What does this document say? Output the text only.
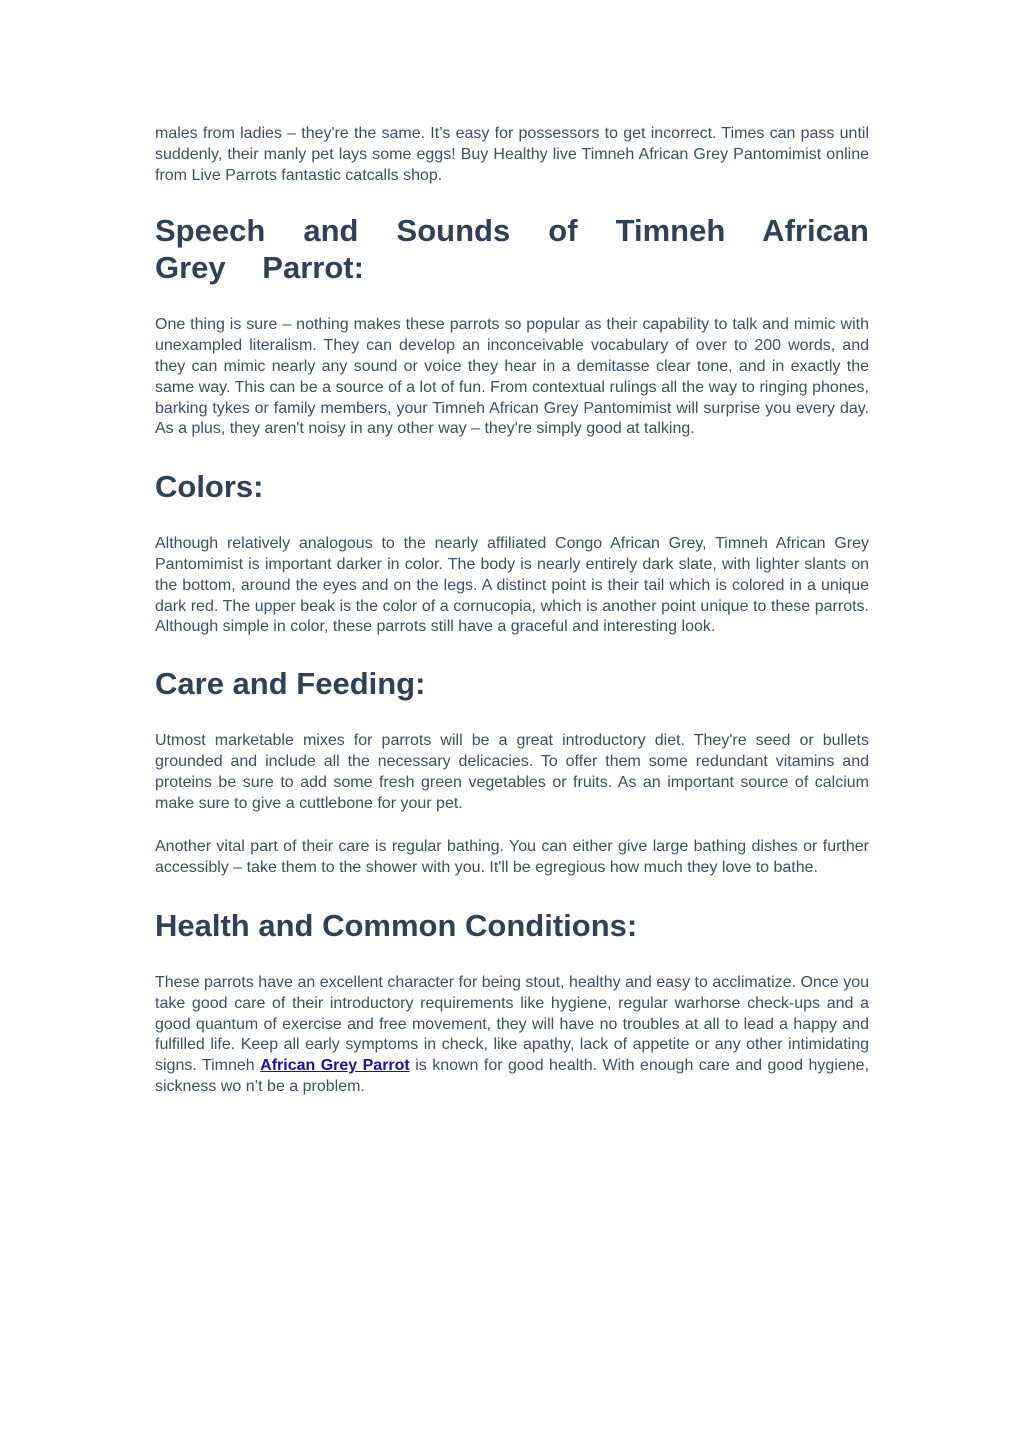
males from ladies – they're the same. It’s easy for possessors to get incorrect. Times can pass until suddenly, their manly pet lays some eggs! Buy Healthy live Timneh African Grey Pantomimist online from Live Parrots fantastic catcalls shop.

Speech and Sounds of Timneh African Grey Parrot:

One thing is sure – nothing makes these parrots so popular as their capability to talk and mimic with unexampled literalism. They can develop an inconceivable vocabulary of over to 200 words, and they can mimic nearly any sound or voice they hear in a demitasse clear tone, and in exactly the same way. This can be a source of a lot of fun. From contextual rulings all the way to ringing phones, barking tykes or family members, your Timneh African Grey Pantomimist will surprise you every day. As a plus, they aren't noisy in any other way – they're simply good at talking.

Colors:

Although relatively analogous to the nearly affiliated Congo African Grey, Timneh African Grey Pantomimist is important darker in color. The body is nearly entirely dark slate, with lighter slants on the bottom, around the eyes and on the legs. A distinct point is their tail which is colored in a unique dark red. The upper beak is the color of a cornucopia, which is another point unique to these parrots. Although simple in color, these parrots still have a graceful and interesting look.

Care and Feeding:

Utmost marketable mixes for parrots will be a great introductory diet. They're seed or bullets grounded and include all the necessary delicacies. To offer them some redundant vitamins and proteins be sure to add some fresh green vegetables or fruits. As an important source of calcium make sure to give a cuttlebone for your pet.

Another vital part of their care is regular bathing. You can either give large bathing dishes or further accessibly – take them to the shower with you. It'll be egregious how much they love to bathe.

Health and Common Conditions:

These parrots have an excellent character for being stout, healthy and easy to acclimatize. Once you take good care of their introductory requirements like hygiene, regular warhorse check-ups and a good quantum of exercise and free movement, they will have no troubles at all to lead a happy and fulfilled life. Keep all early symptoms in check, like apathy, lack of appetite or any other intimidating signs. Timneh African Grey Parrot is known for good health. With enough care and good hygiene, sickness wo n’t be a problem.
